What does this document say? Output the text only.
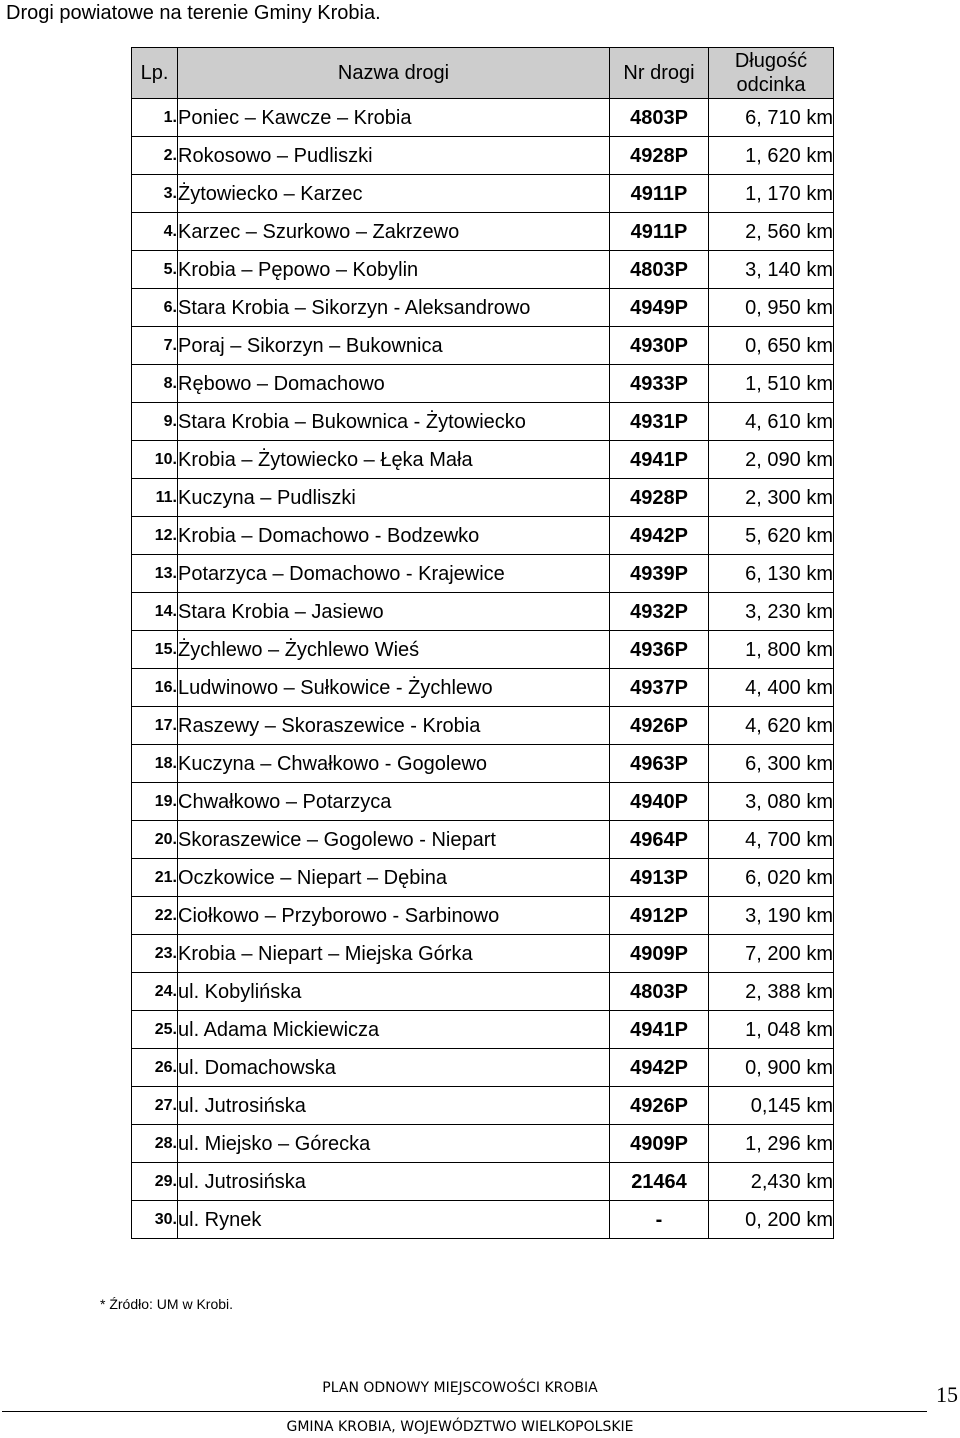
Drogi powiatowe na terenie Gminy Krobia.
Lp.	Nazwa drogi	Nr drogi	Długość
odcinka

1.	Poniec – Kawcze – Krobia	4803P	6, 710 km
2.	Rokosowo – Pudliszki	4928P	1, 620 km
3.	Żytowiecko – Karzec	4911P	1, 170 km
4.	Karzec – Szurkowo – Zakrzewo	4911P	2, 560 km
5.	Krobia – Pępowo – Kobylin	4803P	3, 140 km
6.	Stara Krobia – Sikorzyn - Aleksandrowo	4949P	0, 950 km
7.	Poraj – Sikorzyn – Bukownica	4930P	0, 650 km
8.	Rębowo – Domachowo	4933P	1, 510 km
9.	Stara Krobia – Bukownica - Żytowiecko	4931P	4, 610 km
10.	Krobia – Żytowiecko – Łęka Mała	4941P	2, 090 km
11.	Kuczyna – Pudliszki	4928P	2, 300 km
12.	Krobia – Domachowo - Bodzewko	4942P	5, 620 km
13.	Potarzyca – Domachowo - Krajewice	4939P	6, 130 km
14.	Stara Krobia – Jasiewo	4932P	3, 230 km
15.	Żychlewo – Żychlewo Wieś	4936P	1, 800 km
16.	Ludwinowo – Sułkowice - Żychlewo	4937P	4, 400 km
17.	Raszewy – Skoraszewice - Krobia	4926P	4, 620 km
18.	Kuczyna – Chwałkowo - Gogolewo	4963P	6, 300 km
19.	Chwałkowo – Potarzyca	4940P	3, 080 km
20.	Skoraszewice – Gogolewo - Niepart	4964P	4, 700 km
21.	Oczkowice – Niepart – Dębina	4913P	6, 020 km
22.	Ciołkowo – Przyborowo - Sarbinowo	4912P	3, 190 km
23.	Krobia – Niepart – Miejska Górka	4909P	7, 200 km
24.	ul. Kobylińska	4803P	2, 388 km
25.	ul. Adama Mickiewicza	4941P	1, 048 km
26.	ul. Domachowska	4942P	0, 900 km
27.	ul. Jutrosińska	4926P	0,145 km
28.	ul. Miejsko – Górecka	4909P	1, 296 km
29.	ul. Jutrosińska	21464	2,430 km
30.	ul. Rynek	-	0, 200 km
* Źródło: UM w Krobi.
PLAN ODNOWY MIEJSCOWOŚCI KROBIA	15
GMINA KROBIA, WOJEWÓDZTWO WIELKOPOLSKIE
